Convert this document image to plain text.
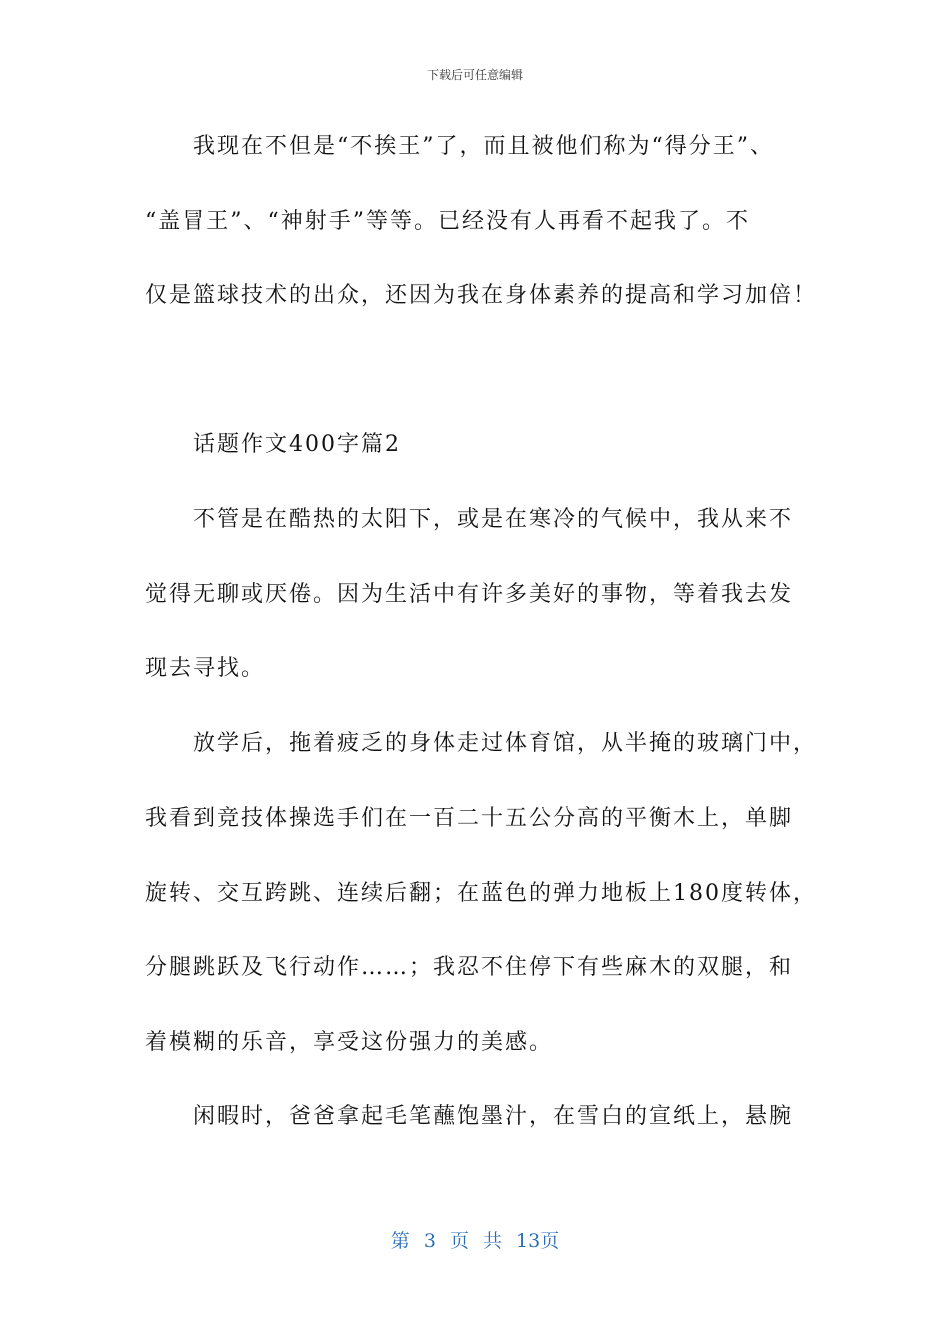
下载后可任意编辑
我现在不但是“不挨王”了，而且被他们称为“得分王”、
“盖冒王”、“神射手”等等。已经没有人再看不起我了。不
仅是篮球技术的出众，还因为我在身体素养的提高和学习加倍！
话题作文400字篇2
不管是在酷热的太阳下，或是在寒冷的气候中，我从来不
觉得无聊或厌倦。因为生活中有许多美好的事物，等着我去发
现去寻找。
放学后，拖着疲乏的身体走过体育馆，从半掩的玻璃门中，
我看到竞技体操选手们在一百二十五公分高的平衡木上，单脚
旋转、交互跨跳、连续后翻；在蓝色的弹力地板上180度转体，
分腿跳跃及飞行动作……；我忍不住停下有些麻木的双腿，和
着模糊的乐音，享受这份强力的美感。
闲暇时，爸爸拿起毛笔蘸饱墨汁，在雪白的宣纸上，悬腕
第 3 页 共 13页
